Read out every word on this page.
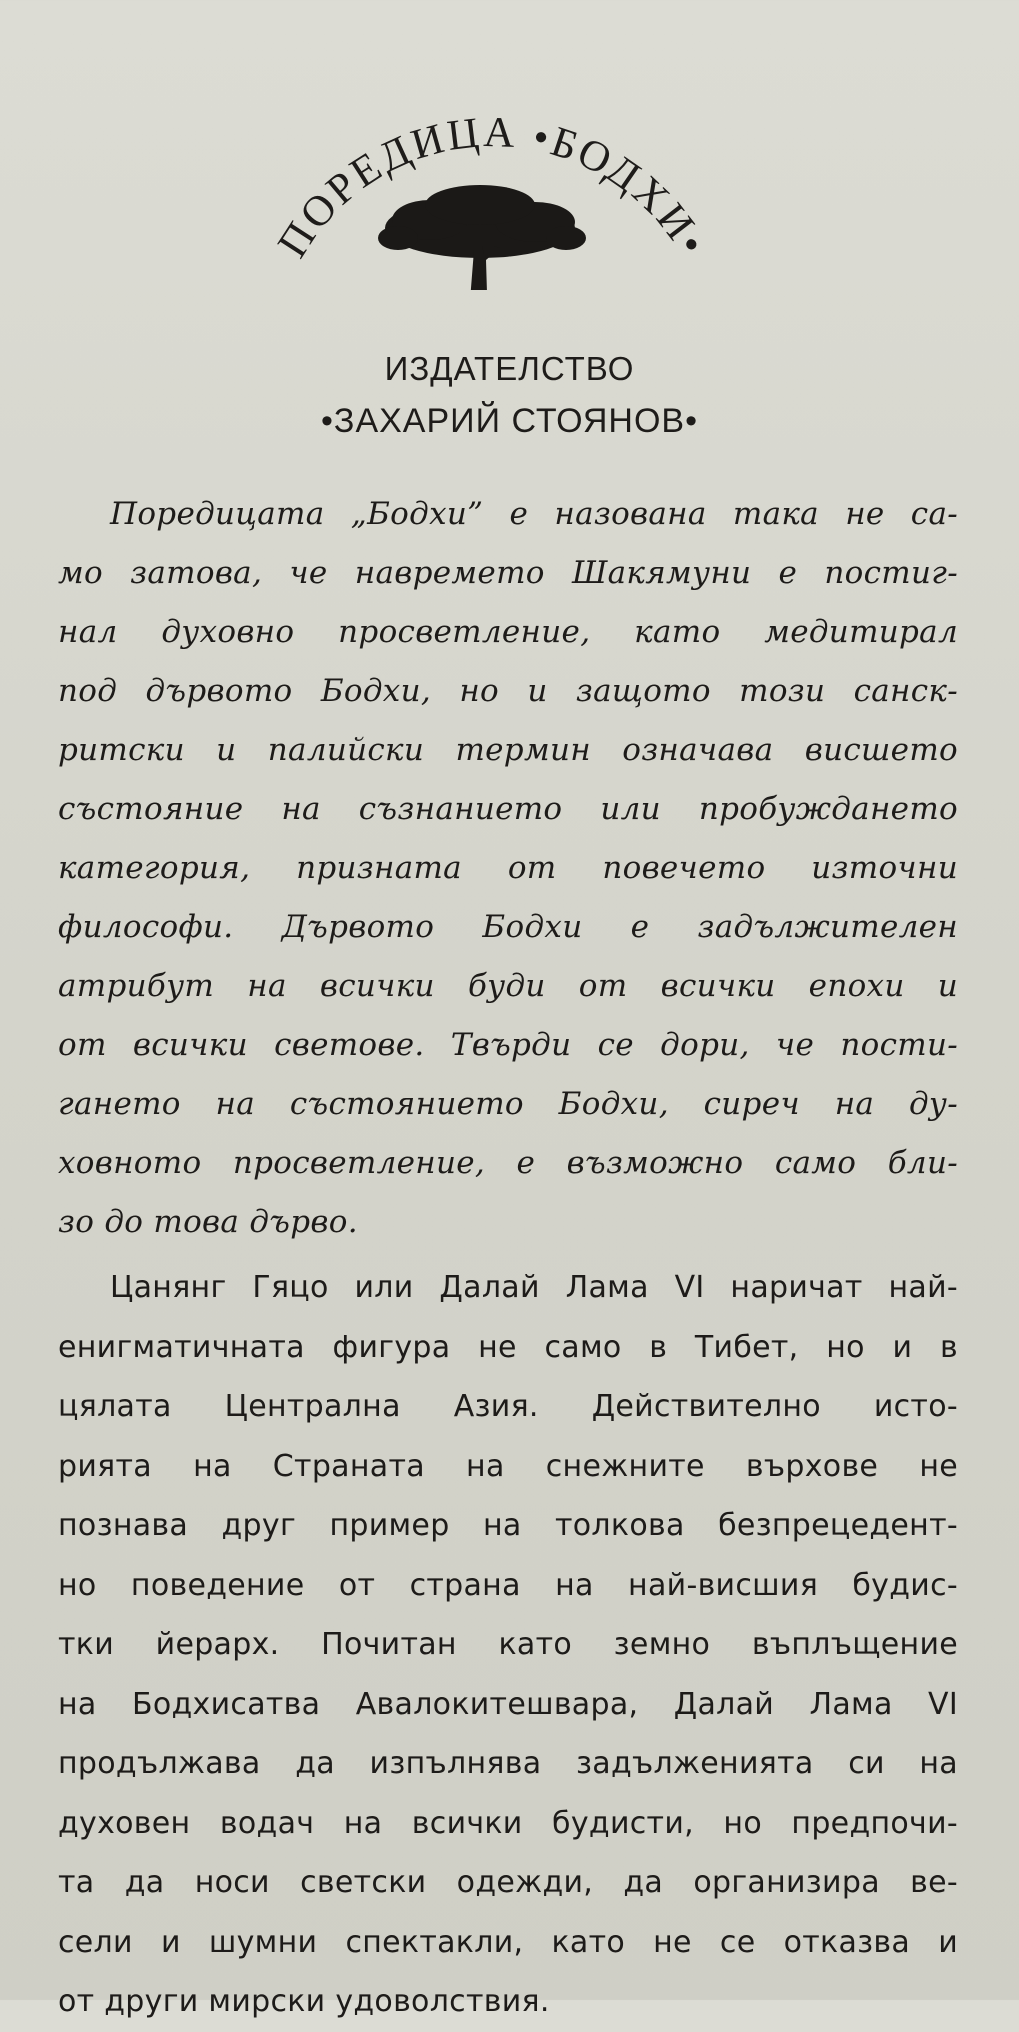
ПОРЕДИЦА •БОДХИ•
ИЗДАТЕЛСТВО
•ЗАХАРИЙ СТОЯНОВ•
Поредицата „Бодхи” е назована така не са-
мо затова, че навремето Шакямуни е постиг-
нал духовно просветление, като медитирал
под дървото Бодхи, но и защото този санск-
ритски и палийски термин означава висшето
състояние на съзнанието или пробуждането
категория, призната от повечето източни
философи. Дървото Бодхи е задължителен
атрибут на всички буди от всички епохи и
от всички светове. Твърди се дори, че пости-
гането на състоянието Бодхи, сиреч на ду-
ховното просветление, е възможно само бли-
зо до това дърво.
Цанянг Гяцо или Далай Лама VI наричат най-
енигматичната фигура не само в Тибет, но и в
цялата Централна Азия. Действително исто-
рията на Страната на снежните върхове не
познава друг пример на толкова безпрецедент-
но поведение от страна на най-висшия будис-
тки йерарх. Почитан като земно въплъщение
на Бодхисатва Авалокитешвара, Далай Лама VI
продължава да изпълнява задълженията си на
духовен водач на всички будисти, но предпочи-
та да носи светски одежди, да организира ве-
сели и шумни спектакли, като не се отказва и
от други мирски удоволствия.
